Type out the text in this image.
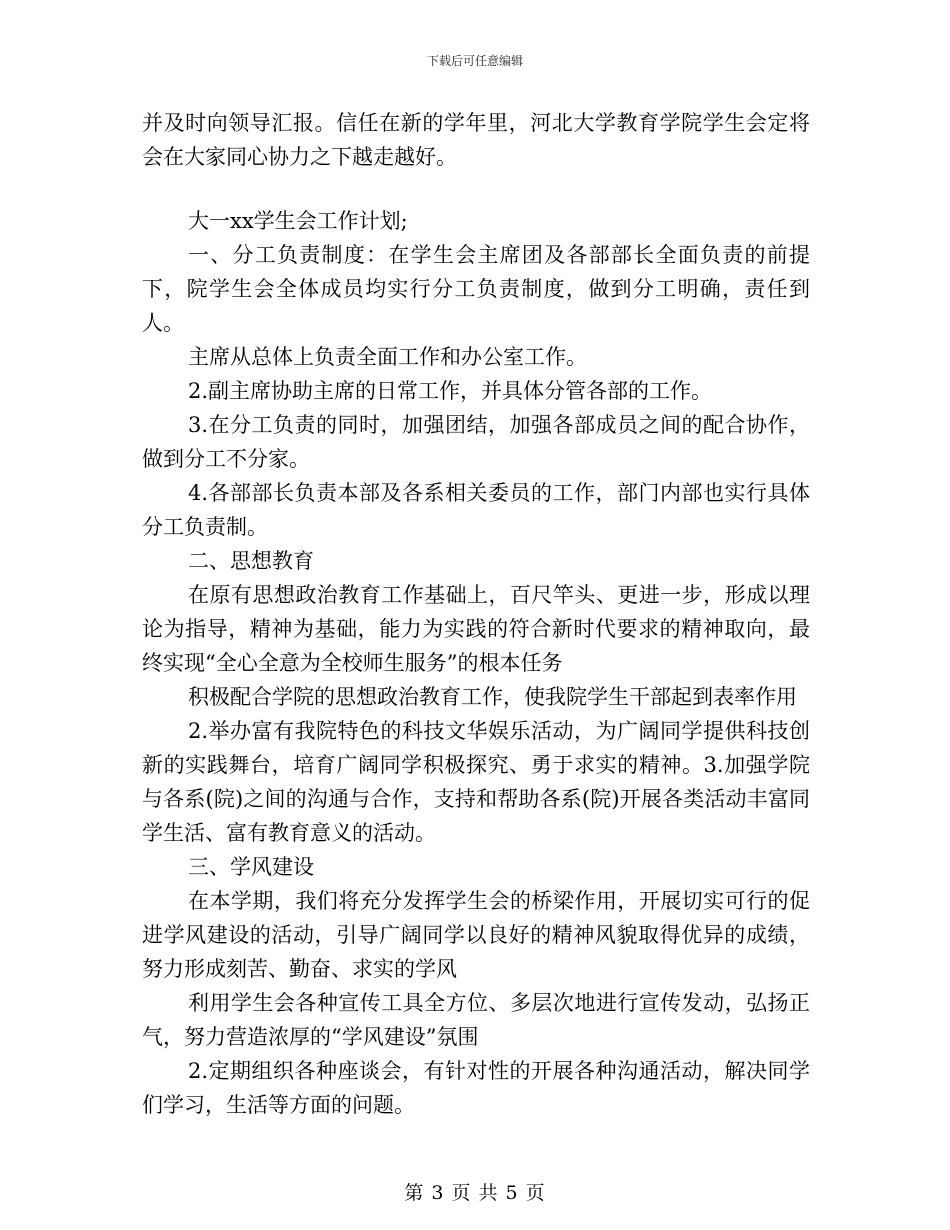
下载后可任意编辑

并及时向领导汇报。信任在新的学年里，河北大学教育学院学生会定将会在大家同心协力之下越走越好。

大一xx学生会工作计划;

一、分工负责制度：在学生会主席团及各部部长全面负责的前提下，院学生会全体成员均实行分工负责制度，做到分工明确，责任到人。

主席从总体上负责全面工作和办公室工作。

2.副主席协助主席的日常工作，并具体分管各部的工作。

3.在分工负责的同时，加强团结，加强各部成员之间的配合协作，做到分工不分家。

4.各部部长负责本部及各系相关委员的工作，部门内部也实行具体分工负责制。

二、思想教育

在原有思想政治教育工作基础上，百尺竿头、更进一步，形成以理论为指导，精神为基础，能力为实践的符合新时代要求的精神取向，最终实现“全心全意为全校师生服务”的根本任务

积极配合学院的思想政治教育工作，使我院学生干部起到表率作用

2.举办富有我院特色的科技文华娱乐活动，为广阔同学提供科技创新的实践舞台，培育广阔同学积极探究、勇于求实的精神。3.加强学院与各系(院)之间的沟通与合作，支持和帮助各系(院)开展各类活动丰富同学生活、富有教育意义的活动。

三、学风建设

在本学期，我们将充分发挥学生会的桥梁作用，开展切实可行的促进学风建设的活动，引导广阔同学以良好的精神风貌取得优异的成绩，努力形成刻苦、勤奋、求实的学风

利用学生会各种宣传工具全方位、多层次地进行宣传发动，弘扬正气，努力营造浓厚的“学风建设”氛围

2.定期组织各种座谈会，有针对性的开展各种沟通活动，解决同学们学习，生活等方面的问题。

第 3 页 共 5 页
